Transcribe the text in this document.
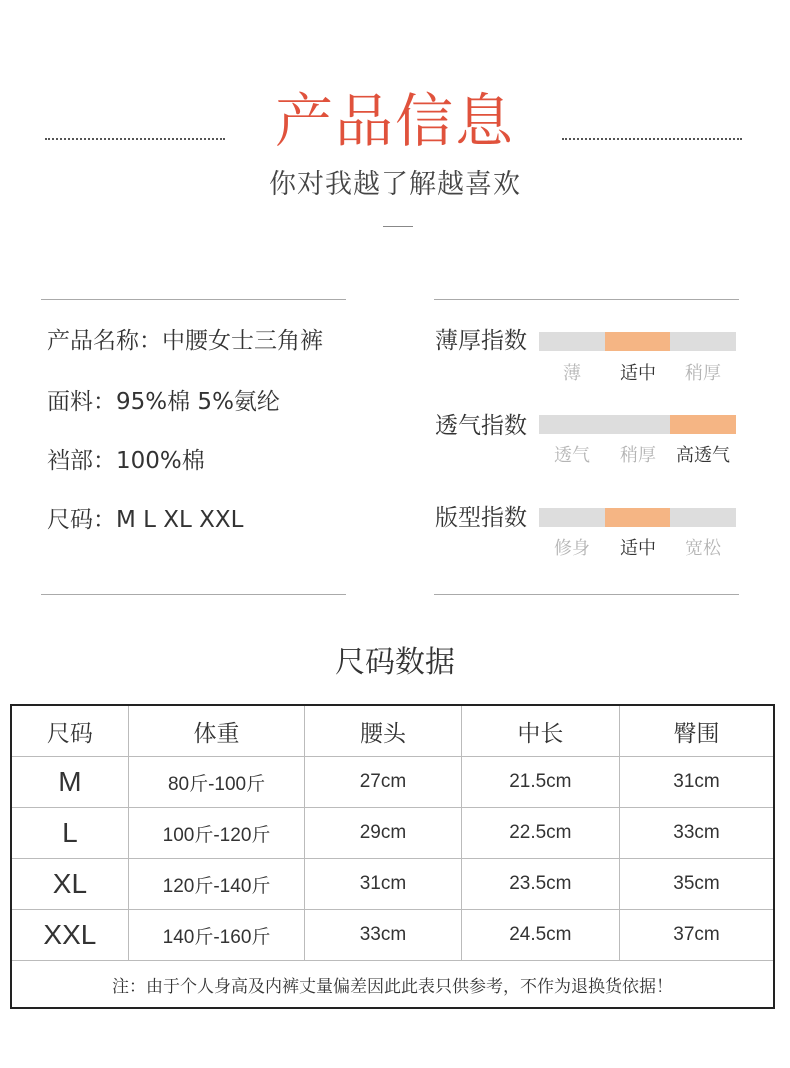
产品信息
你对我越了解越喜欢
产品名称：中腰女士三角裤
面料：95%棉 5%氨纶
裆部：100%棉
尺码：M L XL XXL
薄厚指数
薄	适中	稍厚
透气指数
透气	稍厚	高透气
版型指数
修身	适中	宽松
尺码数据
尺码	体重	腰头	中长	臀围
M	80斤-100斤	27cm	21.5cm	31cm
L	100斤-120斤	29cm	22.5cm	33cm
XL	120斤-140斤	31cm	23.5cm	35cm
XXL	140斤-160斤	33cm	24.5cm	37cm
注：由于个人身高及内裤丈量偏差因此此表只供参考，不作为退换货依据！				
